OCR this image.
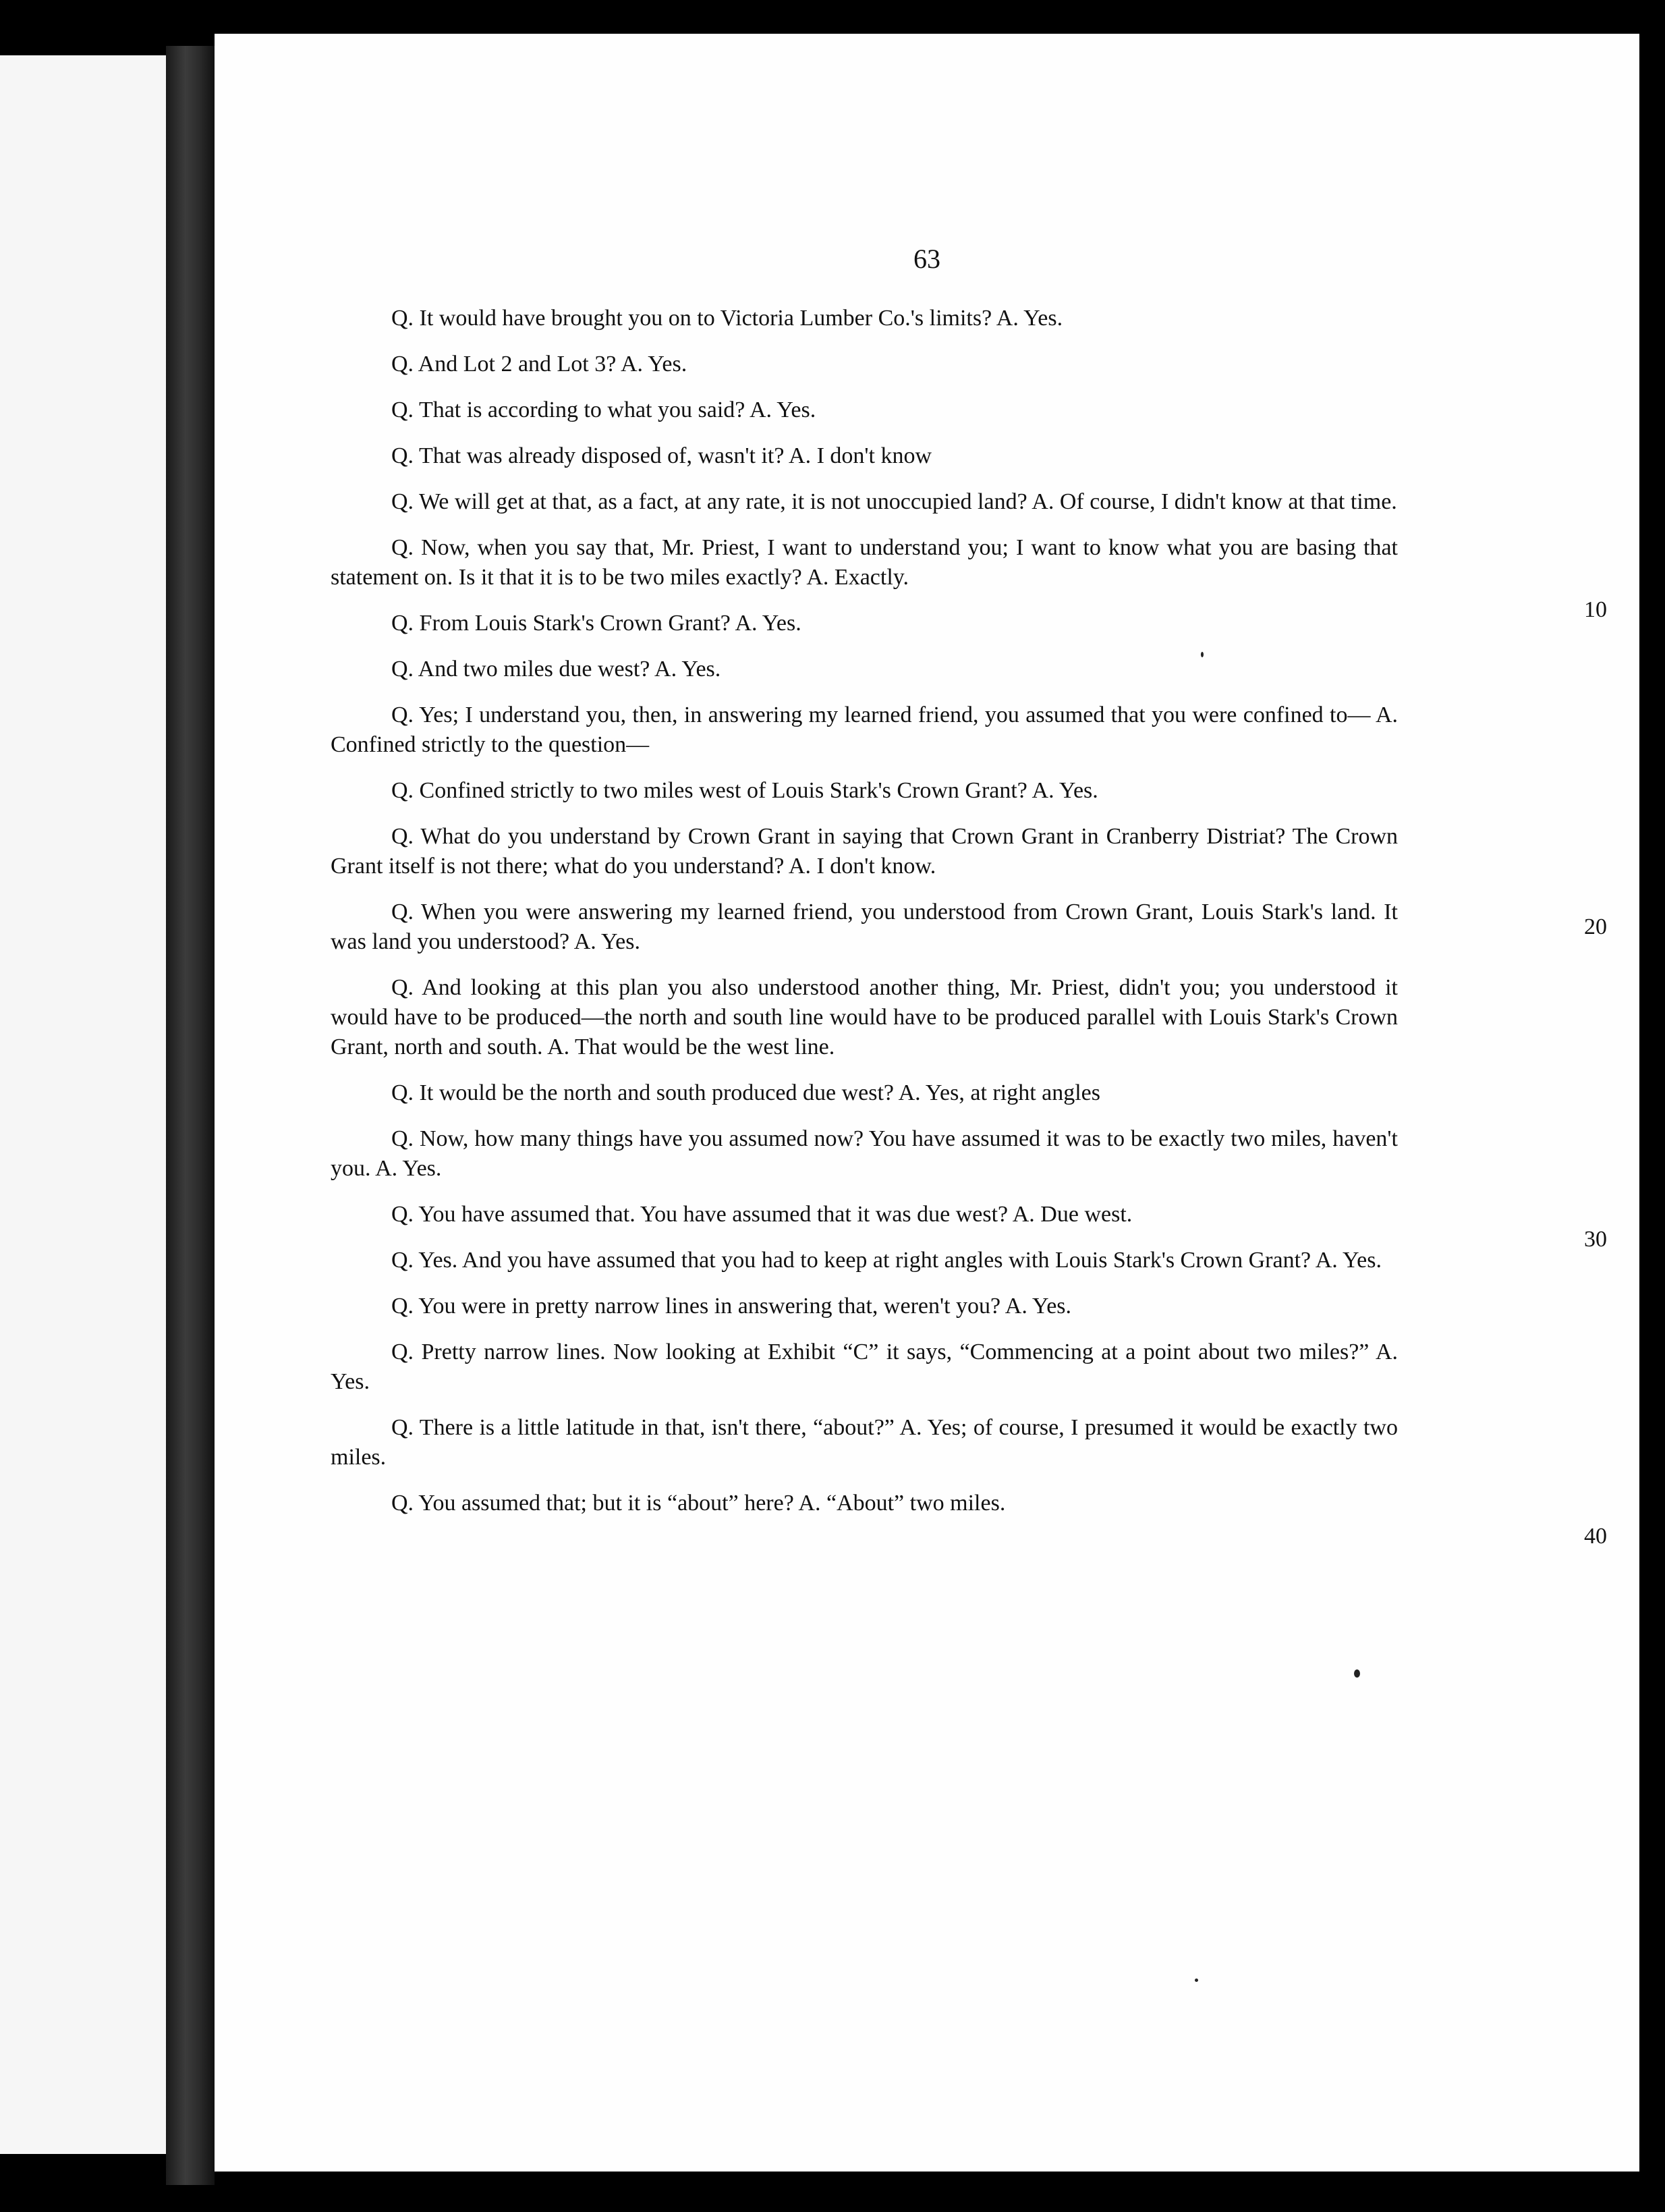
63

Q. It would have brought you on to Victoria Lumber Co.'s limits? A. Yes.

Q. And Lot 2 and Lot 3? A. Yes.

Q. That is according to what you said? A. Yes.

Q. That was already disposed of, wasn't it? A. I don't know

Q. We will get at that, as a fact, at any rate, it is not unoccupied land? A. Of course, I didn't know at that time.

Q. Now, when you say that, Mr. Priest, I want to understand you; I want to know what you are basing that statement on. Is it that it is to be two miles exactly? A. Exactly.

Q. From Louis Stark's Crown Grant? A. Yes.

Q. And two miles due west? A. Yes.

Q. Yes; I understand you, then, in answering my learned friend, you assumed that you were confined to— A. Confined strictly to the question—

Q. Confined strictly to two miles west of Louis Stark's Crown Grant? A. Yes.

Q. What do you understand by Crown Grant in saying that Crown Grant in Cranberry Distriat? The Crown Grant itself is not there; what do you understand? A. I don't know.

Q. When you were answering my learned friend, you understood from Crown Grant, Louis Stark's land. It was land you understood? A. Yes.

Q. And looking at this plan you also understood another thing, Mr. Priest, didn't you; you understood it would have to be produced—the north and south line would have to be produced parallel with Louis Stark's Crown Grant, north and south. A. That would be the west line.

Q. It would be the north and south produced due west? A. Yes, at right angles

Q. Now, how many things have you assumed now? You have assumed it was to be exactly two miles, haven't you. A. Yes.

Q. You have assumed that. You have assumed that it was due west? A. Due west.

Q. Yes. And you have assumed that you had to keep at right angles with Louis Stark's Crown Grant? A. Yes.

Q. You were in pretty narrow lines in answering that, weren't you? A. Yes.

Q. Pretty narrow lines. Now looking at Exhibit “C” it says, “Commencing at a point about two miles?” A. Yes.

Q. There is a little latitude in that, isn't there, “about?” A. Yes; of course, I presumed it would be exactly two miles.

Q. You assumed that; but it is “about” here? A. “About” two miles.

10
20
30
40
